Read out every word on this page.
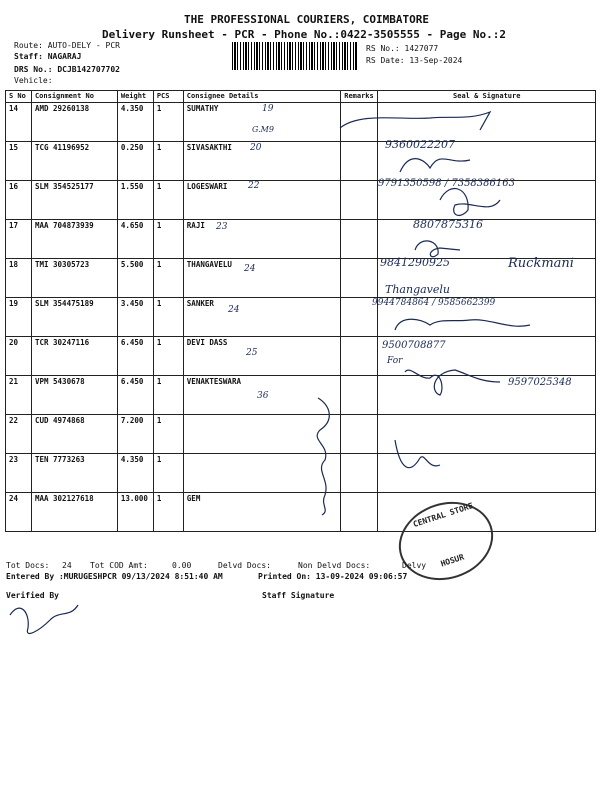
THE PROFESSIONAL COURIERS, COIMBATORE
Delivery Runsheet - PCR - Phone No.:0422-3505555 - Page No.:2
Route: AUTO-DELY - PCR
Staff: NAGARAJ
DRS No.: DCJB142707702
Vehicle:
RS No.: 1427077
RS Date: 13-Sep-2024
S No	Consignment No	Weight	PCS	Consignee Details	Remarks	Seal & Signature
14	AMD 29260138	4.350	1	SUMATHY		
15	TCG 41196952	0.250	1	SIVASAKTHI		
16	SLM 354525177	1.550	1	LOGESWARI		
17	MAA 704873939	4.650	1	RAJI		
18	TMI 30305723	5.500	1	THANGAVELU		
19	SLM 354475189	3.450	1	SANKER		
20	TCR 30247116	6.450	1	DEVI DASS		
21	VPM 5430678	6.450	1	VENAKTESWARA		
22	CUD 4974868	7.200	1			
23	TEN 7773263	4.350	1			
24	MAA 302127618	13.000	1	GEM		
19
G.M9
20	9360022207
22	9791350598 / 7358386163
23	8807875316
24	9841290925	Ruckmani
24
Thangavelu
9944784864 / 9585662399
25
9500708877
36
For
9597025348
CENTRAL STORE
HOSUR
Tot Docs: 24 Tot COD Amt:	0.00	Delvd Docs:	Non Delvd Docs:	Delvy
Entered By :MURUGESHPCR 09/13/2024 8:51:40 AM	Printed On: 13-09-2024 09:06:57
Verified By	Staff Signature
